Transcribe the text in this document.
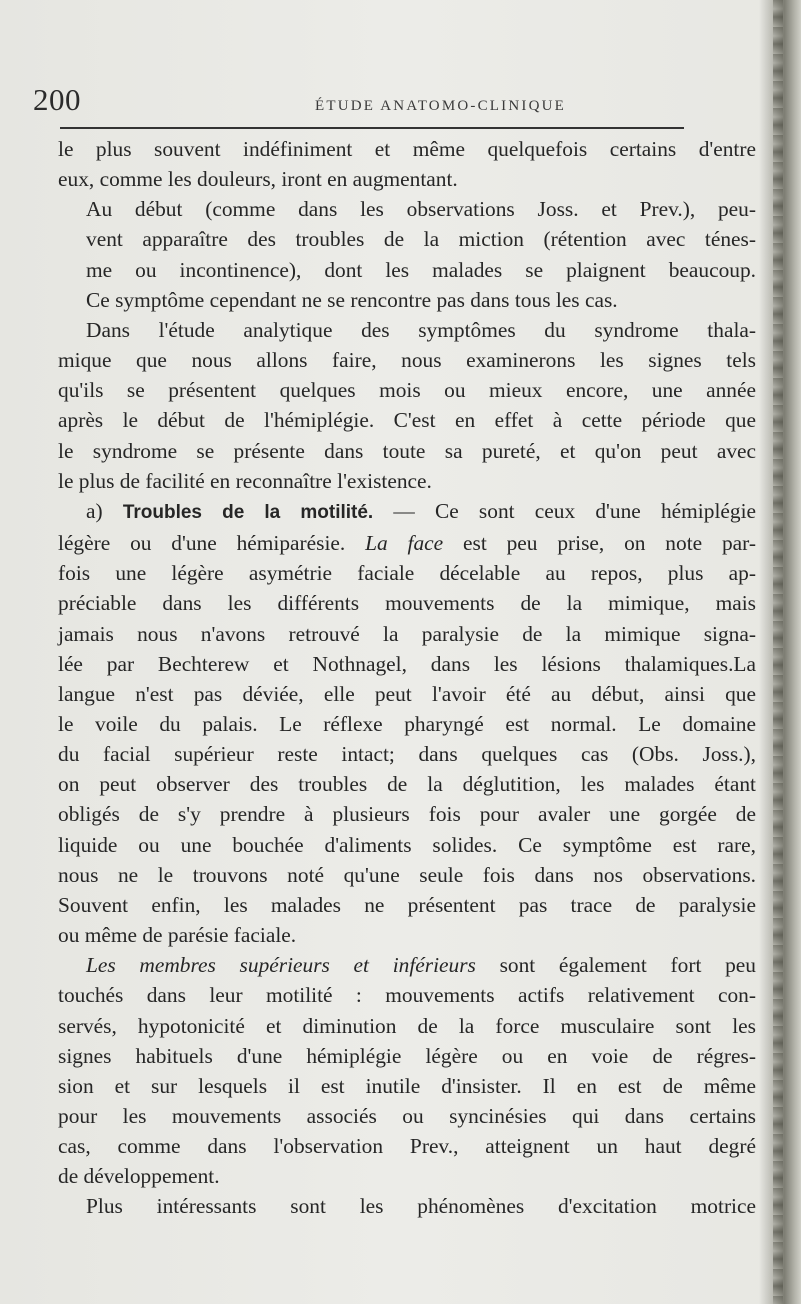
200	ÉTUDE ANATOMO-CLINIQUE

le plus souvent indéfiniment et même quelquefois certains d'entre
eux, comme les douleurs, iront en augmentant.

Au début (comme dans les observations Joss. et Prev.), peu-
vent apparaître des troubles de la miction (rétention avec ténes-
me ou incontinence), dont les malades se plaignent beaucoup.
Ce symptôme cependant ne se rencontre pas dans tous les cas.

Dans l'étude analytique des symptômes du syndrome thala-
mique que nous allons faire, nous examinerons les signes tels
qu'ils se présentent quelques mois ou mieux encore, une année
après le début de l'hémiplégie. C'est en effet à cette période que
le syndrome se présente dans toute sa pureté, et qu'on peut avec
le plus de facilité en reconnaître l'existence.

a) Troubles de la motilité. — Ce sont ceux d'une hémiplégie
légère ou d'une hémiparésie. La face est peu prise, on note par-
fois une légère asymétrie faciale décelable au repos, plus ap-
préciable dans les différents mouvements de la mimique, mais
jamais nous n'avons retrouvé la paralysie de la mimique signa-
lée par Bechterew et Nothnagel, dans les lésions thalamiques.La
langue n'est pas déviée, elle peut l'avoir été au début, ainsi que
le voile du palais. Le réflexe pharyngé est normal. Le domaine
du facial supérieur reste intact; dans quelques cas (Obs. Joss.),
on peut observer des troubles de la déglutition, les malades étant
obligés de s'y prendre à plusieurs fois pour avaler une gorgée de
liquide ou une bouchée d'aliments solides. Ce symptôme est rare,
nous ne le trouvons noté qu'une seule fois dans nos observations.
Souvent enfin, les malades ne présentent pas trace de paralysie
ou même de parésie faciale.

Les membres supérieurs et inférieurs sont également fort peu
touchés dans leur motilité : mouvements actifs relativement con-
servés, hypotonicité et diminution de la force musculaire sont les
signes habituels d'une hémiplégie légère ou en voie de régres-
sion et sur lesquels il est inutile d'insister. Il en est de même
pour les mouvements associés ou syncinésies qui dans certains
cas, comme dans l'observation Prev., atteignent un haut degré
de développement.

Plus intéressants sont les phénomènes d'excitation motrice
